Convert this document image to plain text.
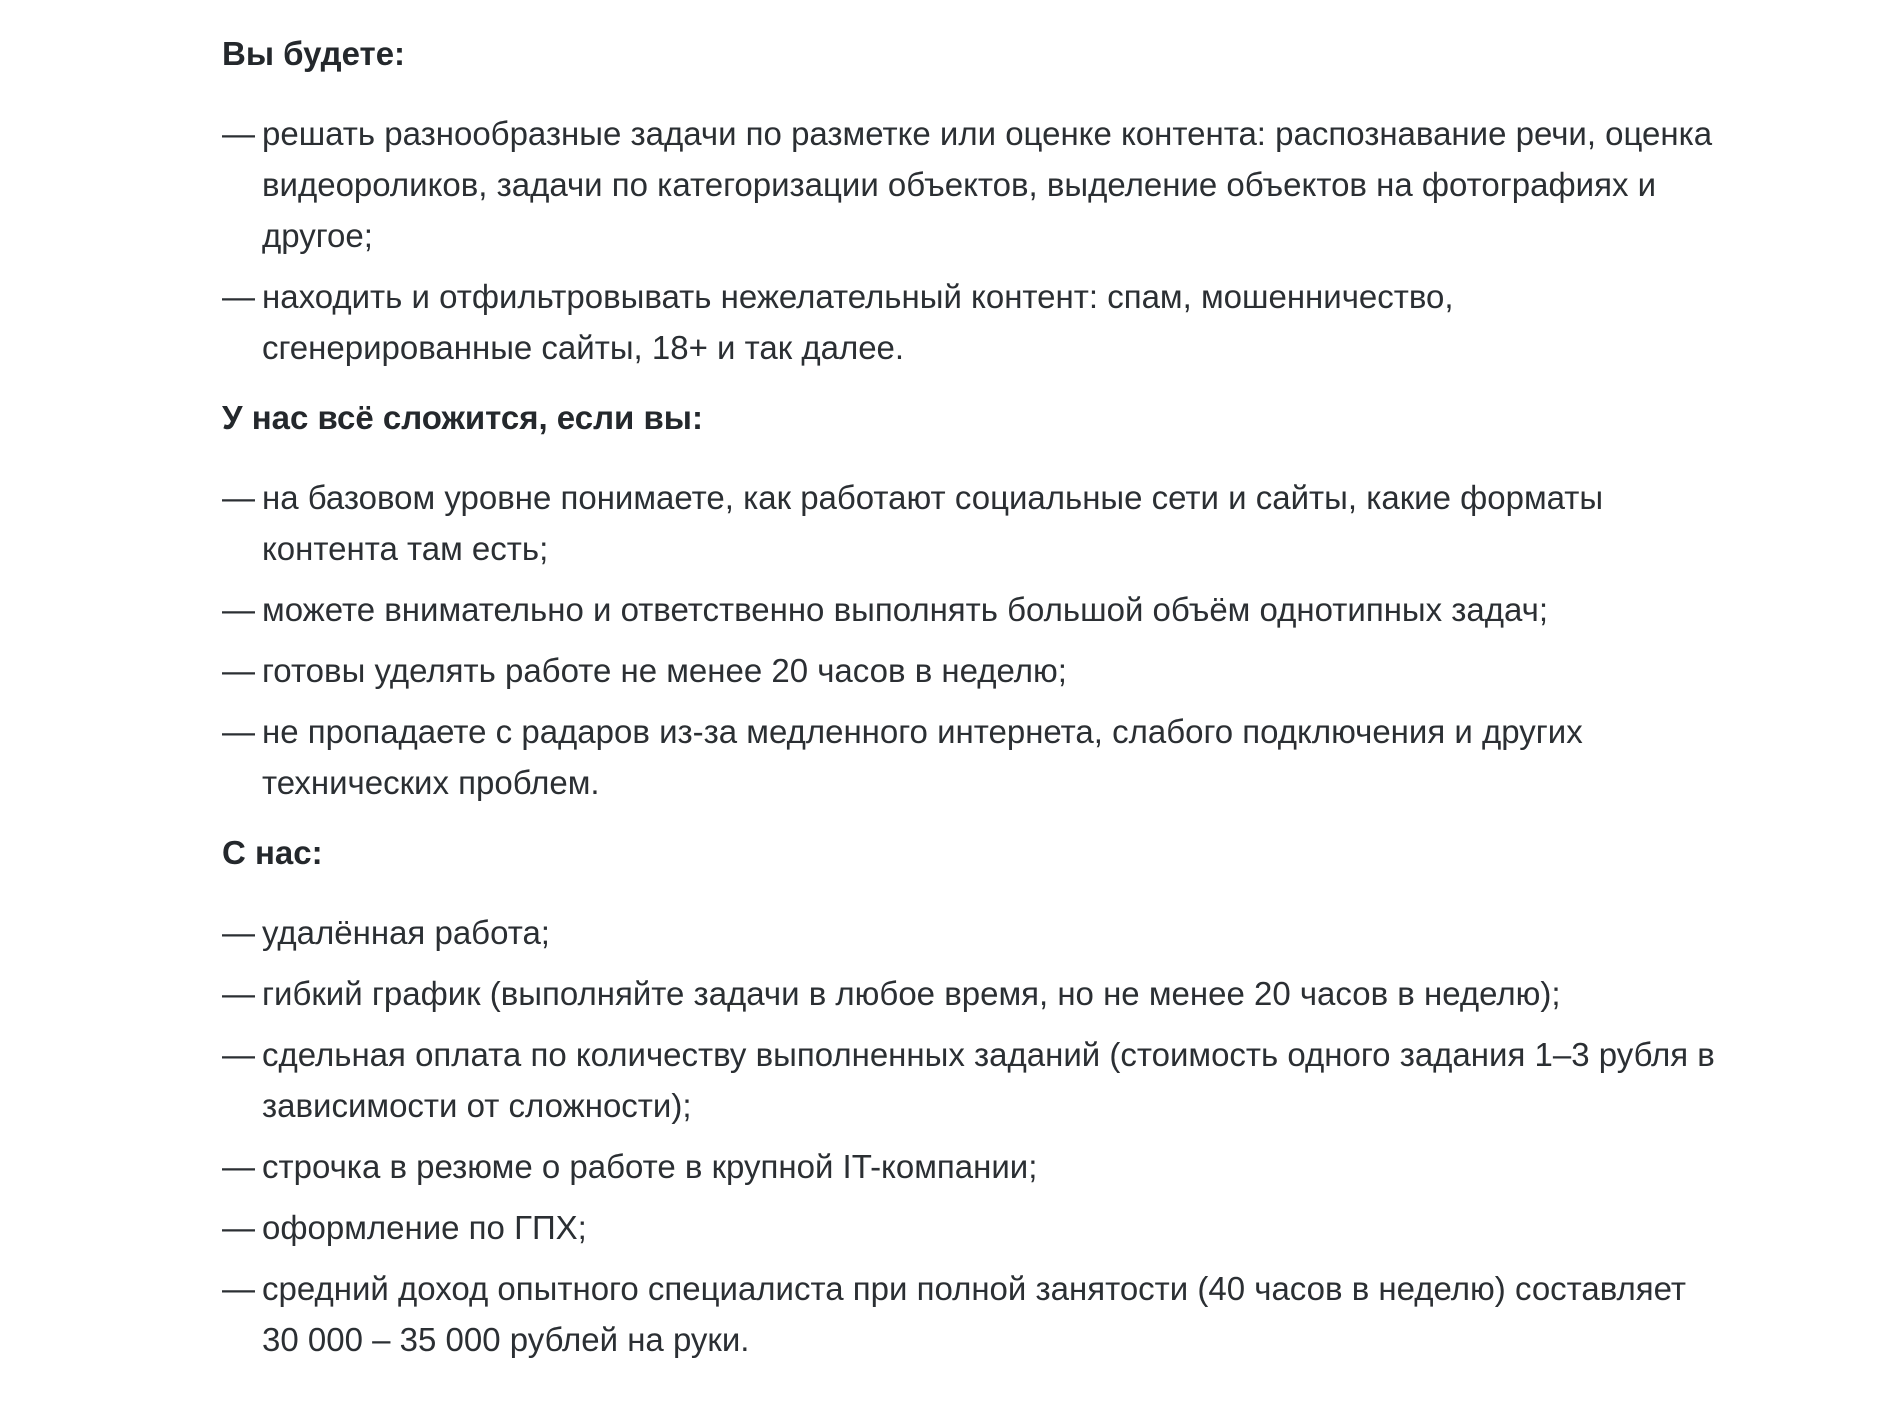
Вы будете:
— решать разнообразные задачи по разметке или оценке контента: распознавание речи, оценка видеороликов, задачи по категоризации объектов, выделение объектов на фотографиях и другое;
— находить и отфильтровывать нежелательный контент: спам, мошенничество, сгенерированные сайты, 18+ и так далее.
У нас всё сложится, если вы:
— на базовом уровне понимаете, как работают социальные сети и сайты, какие форматы контента там есть;
— можете внимательно и ответственно выполнять большой объём однотипных задач;
— готовы уделять работе не менее 20 часов в неделю;
— не пропадаете с радаров из-за медленного интернета, слабого подключения и других технических проблем.
С нас:
— удалённая работа;
— гибкий график (выполняйте задачи в любое время, но не менее 20 часов в неделю);
— сдельная оплата по количеству выполненных заданий (стоимость одного задания 1–3 рубля в зависимости от сложности);
— строчка в резюме о работе в крупной IT-компании;
— оформление по ГПХ;
— средний доход опытного специалиста при полной занятости (40 часов в неделю) составляет 30 000 – 35 000 рублей на руки.
